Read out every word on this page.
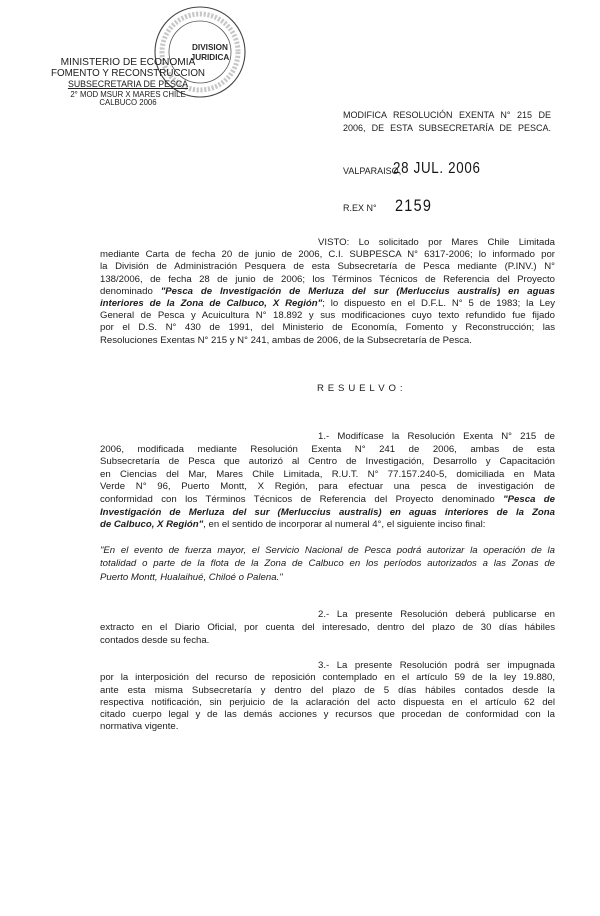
DIVISION
JURIDICA
MINISTERIO DE ECONOMIA
FOMENTO Y RECONSTRUCCION
SUBSECRETARIA DE PESCA
2° MOD MSUR X MARES CHILE
CALBUCO 2006
MODIFICA RESOLUCIÓN EXENTA N° 215 DE
2006, DE ESTA SUBSECRETARÍA DE PESCA.
VALPARAISO,
28 JUL. 2006
R.EX N° 2159
VISTO: Lo solicitado por Mares Chile Limitada
mediante Carta de fecha 20 de junio de 2006, C.I. SUBPESCA N° 6317-2006; lo informado por
la División de Administración Pesquera de esta Subsecretaría de Pesca mediante (P.INV.) N°
138/2006, de fecha 28 de junio de 2006; los Términos Técnicos de Referencia del Proyecto
denominado "Pesca de Investigación de Merluza del sur (Merluccius australis) en aguas
interiores de la Zona de Calbuco, X Región"; lo dispuesto en el D.F.L. N° 5 de 1983; la Ley
General de Pesca y Acuicultura N° 18.892 y sus modificaciones cuyo texto refundido fue fijado
por el D.S. N° 430 de 1991, del Ministerio de Economía, Fomento y Reconstrucción; las
Resoluciones Exentas N° 215 y N° 241, ambas de 2006, de la Subsecretaría de Pesca.
R E S U E L V O :
1.- Modifícase la Resolución Exenta N° 215 de
2006, modificada mediante Resolución Exenta N° 241 de 2006, ambas de esta
Subsecretaría de Pesca que autorizó al Centro de Investigación, Desarrollo y Capacitación
en Ciencias del Mar, Mares Chile Limitada, R.U.T. N° 77.157.240-5, domiciliada en Mata
Verde N° 96, Puerto Montt, X Región, para efectuar una pesca de investigación de
conformidad con los Términos Técnicos de Referencia del Proyecto denominado "Pesca de
Investigación de Merluza del sur (Merluccius australis) en aguas interiores de la Zona
de Calbuco, X Región", en el sentido de incorporar al numeral 4°, el siguiente inciso final:
"En el evento de fuerza mayor, el Servicio Nacional de Pesca podrá autorizar la operación de la
totalidad o parte de la flota de la Zona de Calbuco en los períodos autorizados a las Zonas de
Puerto Montt, Hualaihué, Chiloé o Palena."
2.- La presente Resolución deberá publicarse en
extracto en el Diario Oficial, por cuenta del interesado, dentro del plazo de 30 días hábiles
contados desde su fecha.
3.- La presente Resolución podrá ser impugnada
por la interposición del recurso de reposición contemplado en el artículo 59 de la ley 19.880,
ante esta misma Subsecretaría y dentro del plazo de 5 días hábiles contados desde la
respectiva notificación, sin perjuicio de la aclaración del acto dispuesta en el artículo 62 del
citado cuerpo legal y de las demás acciones y recursos que procedan de conformidad con la
normativa vigente.
